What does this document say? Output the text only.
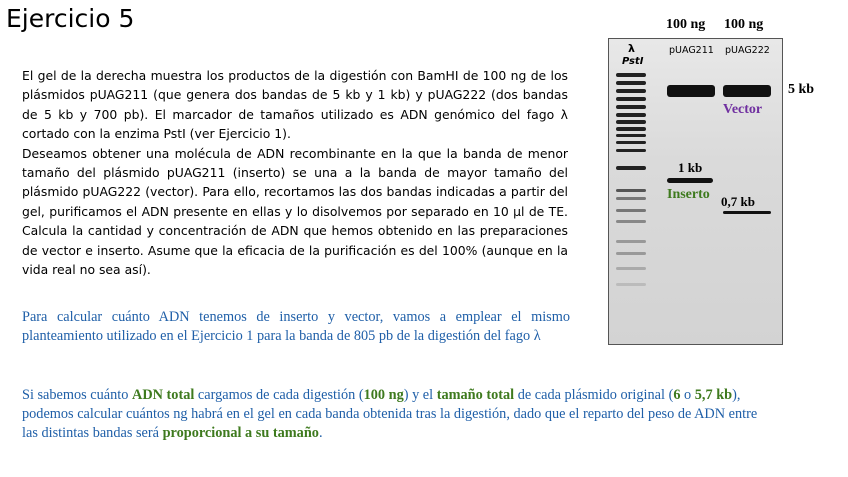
Ejercicio 5

El gel de la derecha muestra los productos de la digestión con BamHI de 100 ng de los plásmidos pUAG211 (que genera dos bandas de 5 kb y 1 kb) y pUAG222 (dos bandas de 5 kb y 700 pb). El marcador de tamaños utilizado es ADN genómico del fago λ cortado con la enzima PstI (ver Ejercicio 1).

Deseamos obtener una molécula de ADN recombinante en la que la banda de menor tamaño del plásmido pUAG211 (inserto) se una a la banda de mayor tamaño del plásmido pUAG222 (vector). Para ello, recortamos las dos bandas indicadas a partir del gel, purificamos el ADN presente en ellas y lo disolvemos por separado en 10 µl de TE. Calcula la cantidad y concentración de ADN que hemos obtenido en las preparaciones de vector e inserto. Asume que la eficacia de la purificación es del 100% (aunque en la vida real no sea así).

Para calcular cuánto ADN tenemos de inserto y vector, vamos a emplear el mismo planteamiento utilizado en el Ejercicio 1 para la banda de 805 pb de la digestión del fago λ
Si sabemos cuánto ADN total cargamos de cada digestión (100 ng) y el tamaño total de cada plásmido original (6 o 5,7 kb), podemos calcular cuántos ng habrá en el gel en cada banda obtenida tras la digestión, dado que el reparto del peso de ADN entre las distintas bandas será proporcional a su tamaño.
100 ng 100 ng
λ
PstI
pUAG211 pUAG222
1 kb
Inserto 0,7 kb
Vector
5 kb
